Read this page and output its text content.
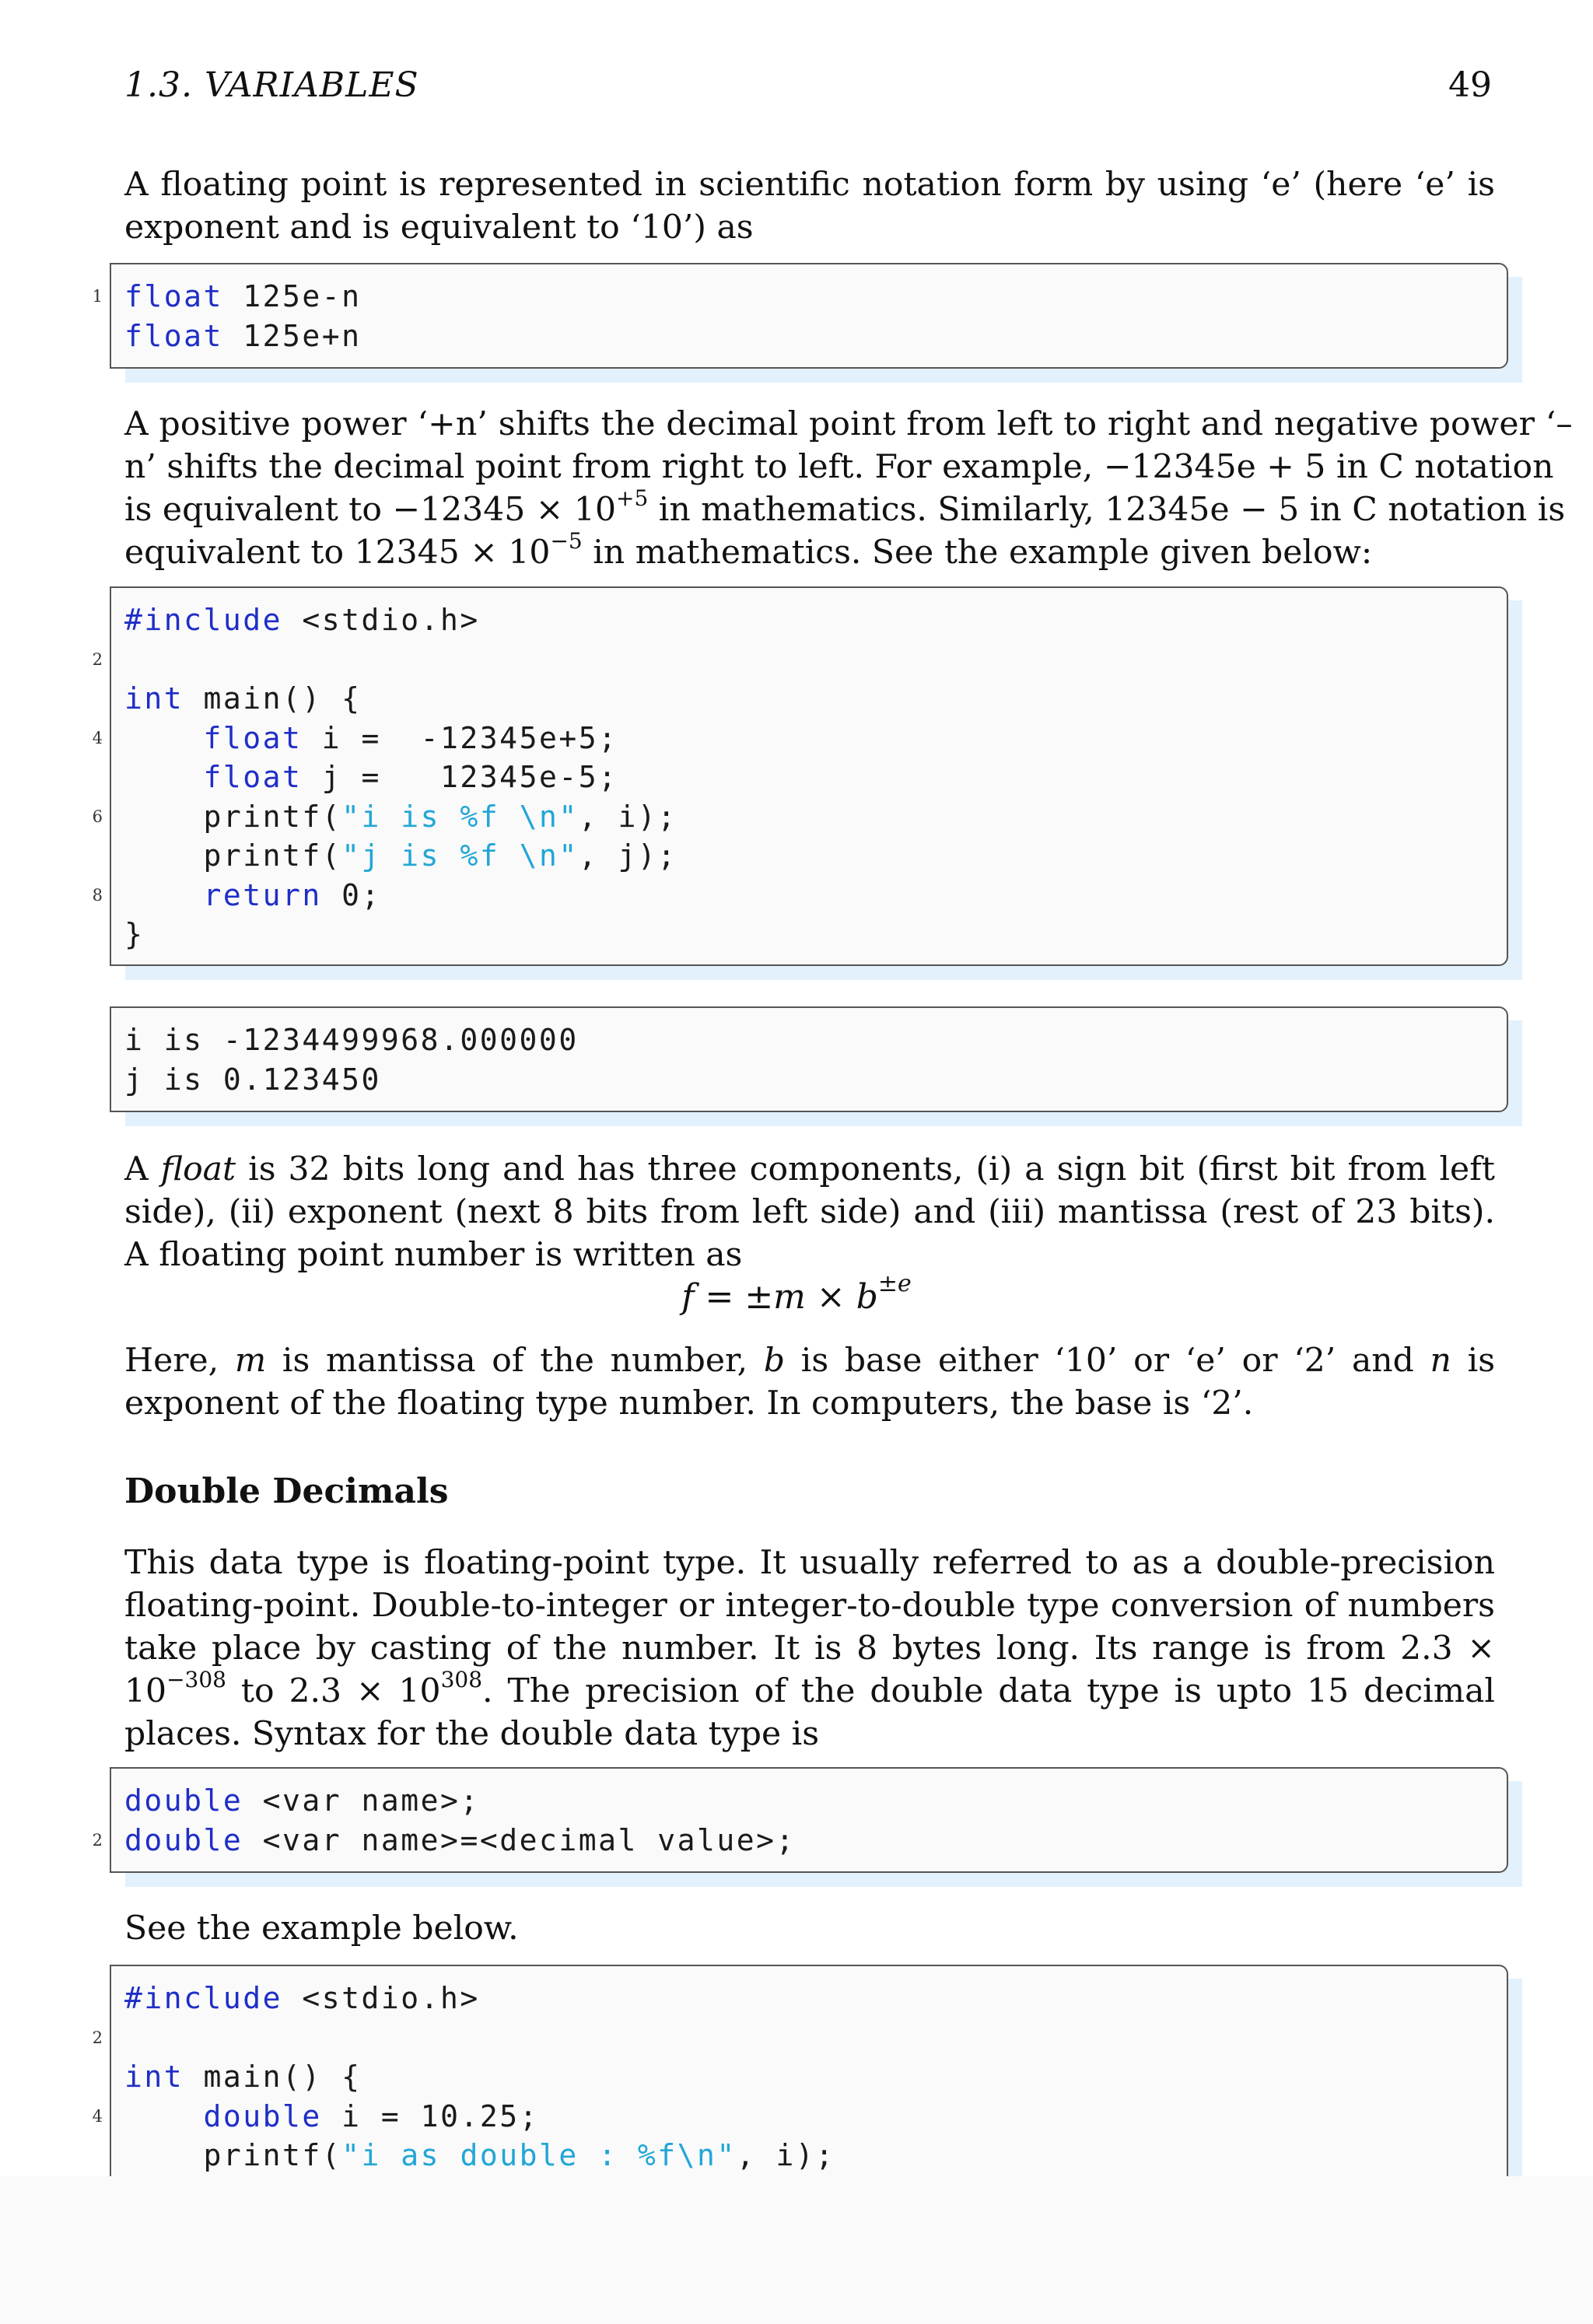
1.3. VARIABLES	49

A floating point is represented in scientific notation form by using ‘e’ (here ‘e’ is exponent and is equivalent to ‘10’) as

1 float 125e-n
float 125e+n
A positive power ‘+n’ shifts the decimal point from left to right and negative power ‘–
n’ shifts the decimal point from right to left. For example, −12345e + 5 in C notation
is equivalent to $-12345 \times 10^{+5}$ in mathematics. Similarly, 12345e − 5 in C notation is
equivalent to $12345 \times 10^{-5}$ in mathematics. See the example given below:
2
4
6
8
#include <stdio.h>
int main() {
float i =  -12345e+5;
float j =   12345e-5;
printf("i is %f \n", i);
printf("j is %f \n", j);
return 0;
}
i is -1234499968.000000
j is 0.123450

A float is 32 bits long and has three components, (i) a sign bit (first bit from left side), (ii) exponent (next 8 bits from left side) and (iii) mantissa (rest of 23 bits). A floating point number is written as

$f = \pm m \times b^{\pm e}$

Here, m is mantissa of the number, b is base either ‘10’ or ‘e’ or ‘2’ and n is exponent of the floating type number. In computers, the base is ‘2’.

Double Decimals

This data type is floating-point type. It usually referred to as a double-precision floating-point. Double-to-integer or integer-to-double type conversion of numbers take place by casting of the number. It is 8 bytes long. Its range is from $2.3 \times 10^{-308}$ to $2.3 \times 10^{308}$. The precision of the double data type is upto 15 decimal places. Syntax for the double data type is

2
double <var name>;
double <var name>=<decimal value>;

See the example below.

2
4
#include <stdio.h>
int main() {
double i = 10.25;
printf("i as double : %f\n", i);
